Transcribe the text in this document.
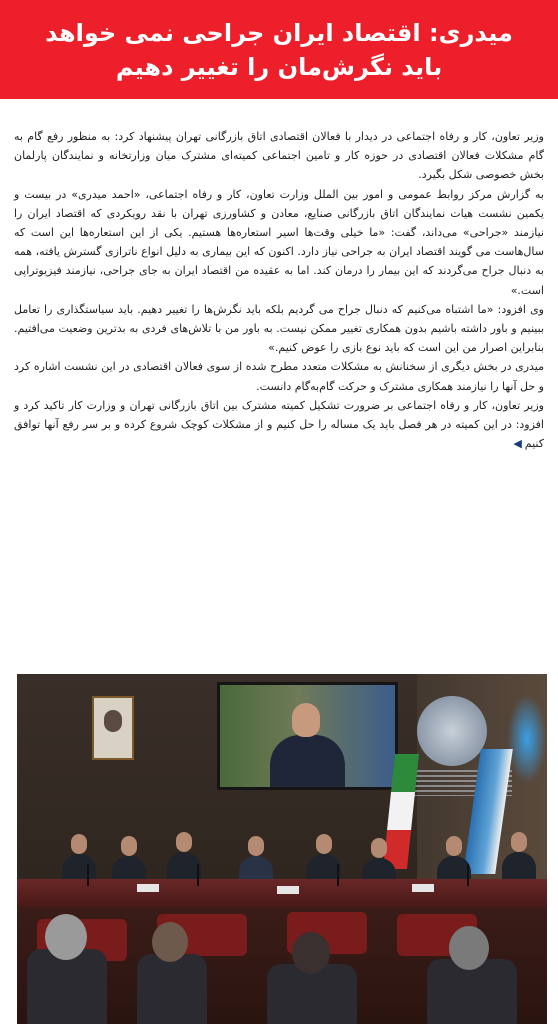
میدری: اقتصاد ایران جراحی نمی خواهد
باید نگرش‌مان را تغییر دهیم

وزیر تعاون، کار و رفاه اجتماعی در دیدار با فعالان اقتصادی اتاق بازرگانی تهران پیشنهاد کرد: به منظور رفع گام به گام مشکلات فعالان اقتصادی در حوزه کار و تامین اجتماعی کمیته‌ای مشترک میان وزارتخانه و نمایندگان پارلمان بخش خصوصی شکل بگیرد.

به گزارش مرکز روابط عمومی و امور بین الملل وزارت تعاون، کار و رفاه اجتماعی، «احمد میدری» در بیست و یکمین نشست هیات نمایندگان اتاق بازرگانی صنایع، معادن و کشاورزی تهران با نقد رویکردی که اقتصاد ایران را نیازمند «جراحی» می‌داند، گفت: «ما خیلی وقت‌ها اسیر استعاره‌ها هستیم. یکی از این استعاره‌ها این است که سال‌هاست می گویند اقتصاد ایران به جراحی نیاز دارد. اکنون که این بیماری به دلیل انواع ناترازی گسترش یافته، همه به دنبال جراح می‌گردند که این بیمار را درمان کند. اما به عقیده من اقتصاد ایران به جای جراحی، نیازمند فیزیوتراپی است.»

وی افزود: «ما اشتباه می‌کنیم که دنبال جراح می گردیم بلکه باید نگرش‌ها را تغییر دهیم. باید سیاستگذاری را تعامل ببینیم و باور داشته باشیم بدون همکاری تغییر ممکن نیست. به باور من با تلاش‌های فردی به بدترین وضعیت می‌افتیم. بنابراین اصرار من این است که باید نوع بازی را عوض کنیم.»

میدری در بخش دیگری از سخنانش به مشکلات متعدد مطرح شده از سوی فعالان اقتصادی در این نشست اشاره کرد و حل آنها را نیازمند همکاری مشترک و حرکت گام‌به‌گام دانست.

وزیر تعاون، کار و رفاه اجتماعی بر ضرورت تشکیل کمیته مشترک بین اتاق بازرگانی تهران و وزارت کار تاکید کرد و افزود: در این کمیته در هر فصل باید یک مساله را حل کنیم و از مشکلات کوچک شروع کرده و بر سر رفع آنها توافق کنیم◀
